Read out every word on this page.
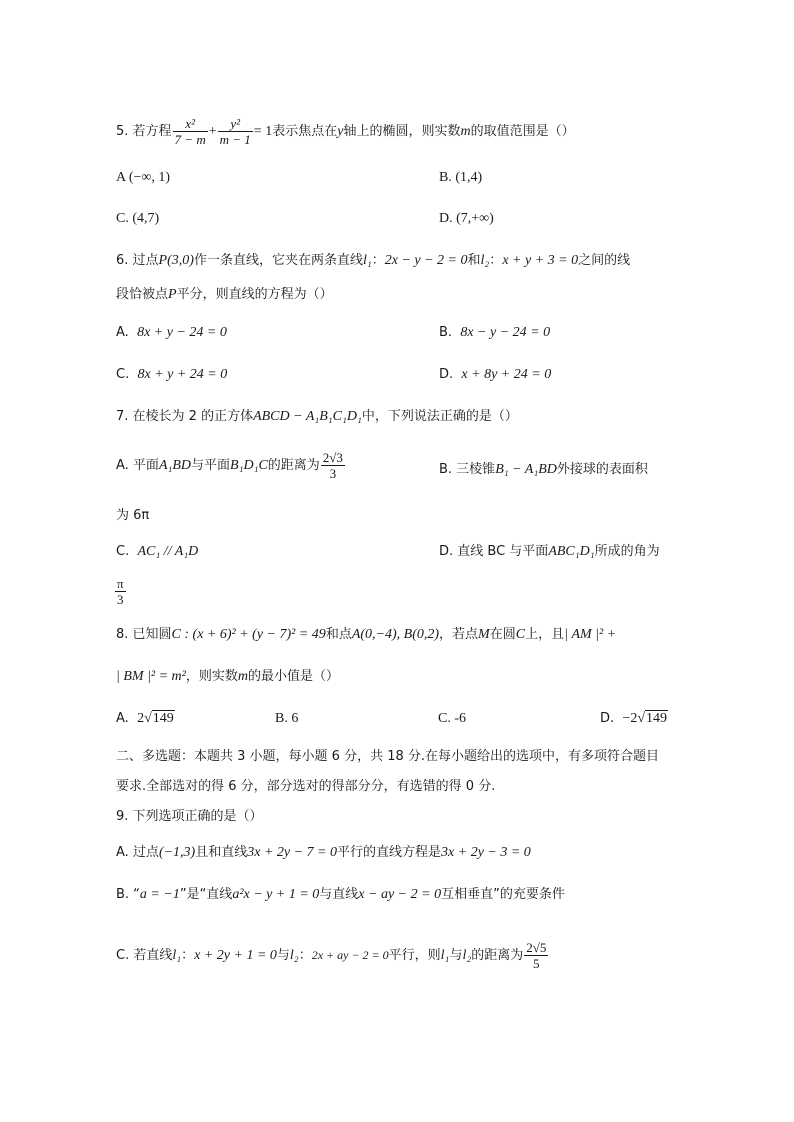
5. 若方程 $\frac{\text{x²}}{7 - m} + \frac{\text{y²}}{m - 1} = 1$表示焦点在y轴上的椭圆，则实数m的取值范围是（）
A (−∞, 1)	B. (1,4)
C. (4,7)	D. (7,+∞)
6. 过点P(3,0)作一条直线，它夹在两条直线l₁：2x − y − 2 = 0和l₂：x + y + 3 = 0之间的线
段恰被点P平分，则直线的方程为（）
A. 8x + y − 24 = 0	B. 8x − y − 24 = 0
C. 8x + y + 24 = 0	D. x + 8y + 24 = 0
7. 在棱长为 2 的正方体ABCD − A₁B₁C₁D₁中，下列说法正确的是（）
A. 平面A₁BD与平面B₁D₁C的距离为 $\frac{2√3}{3}$	B. 三棱锥B₁ − A₁BD外接球的表面积
为 6π
C. AC₁ // A₁D	D. 直线 BC 与平面ABC₁D₁所成的角为
$\frac{\pi}{3}$
8. 已知圆C : (x + 6)² + (y − 7)² = 49和点A(0,−4), B(0,2)，若点M在圆C上，且| AM |² +
| BM |² = m²，则实数m的最小值是（）
A. 2√149	B. 6	C. -6	D. −2√149
二、多选题：本题共 3 小题，每小题 6 分，共 18 分.在每小题给出的选项中，有多项符合题目
要求.全部选对的得 6 分，部分选对的得部分分，有选错的得 0 分.
9. 下列选项正确的是（）
A. 过点(−1,3)且和直线3x + 2y − 7 = 0平行的直线方程是3x + 2y − 3 = 0
B. “a = −1”是“直线a²x − y + 1 = 0与直线x − ay − 2 = 0互相垂直”的充要条件
C. 若直线l₁：x + 2y + 1 = 0与l₂：2x + ay − 2 = 0平行，则l₁与l₂的距离为 $\frac{2√5}{5}$
